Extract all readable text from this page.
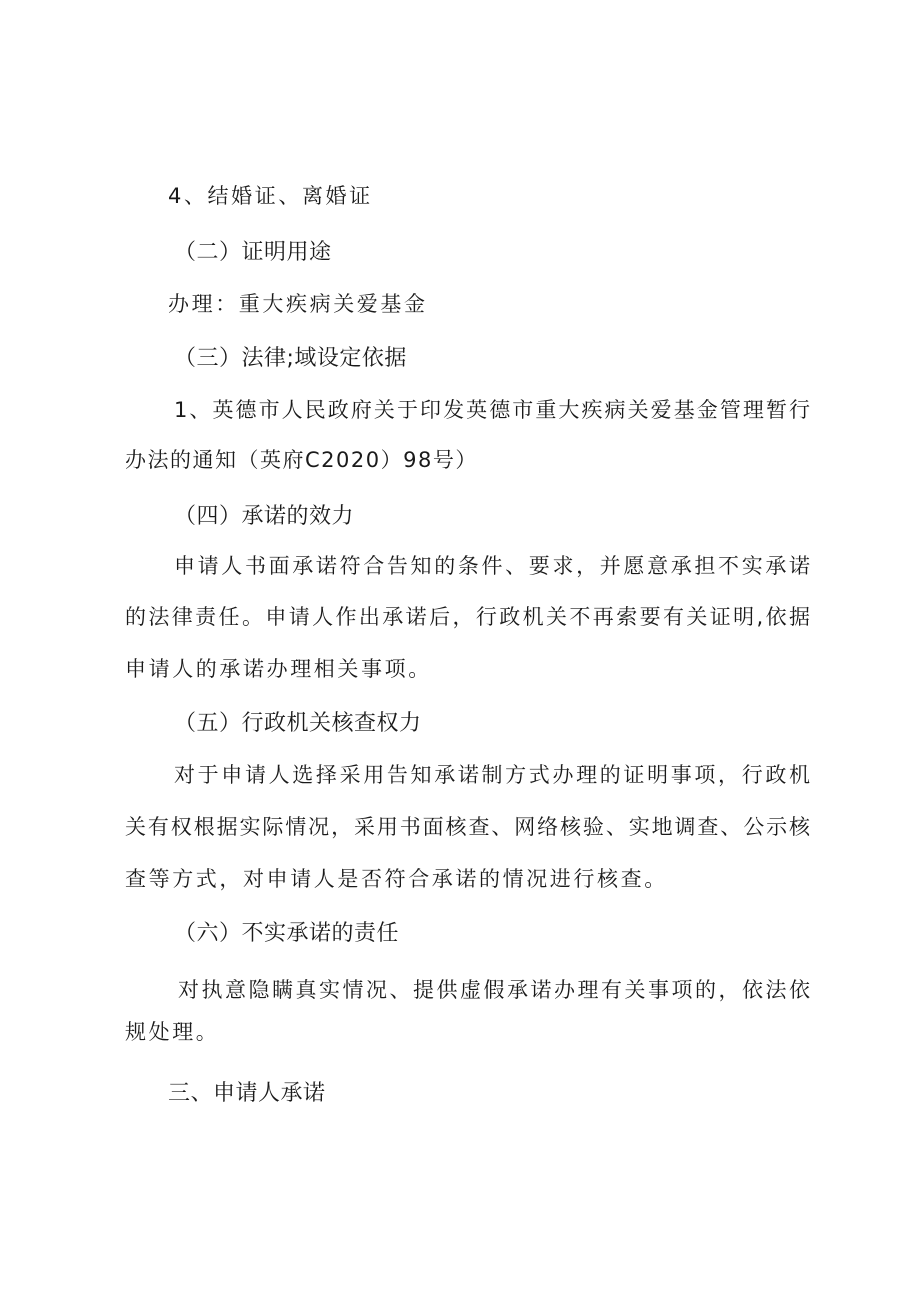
4、结婚证、离婚证
（二）证明用途
办理：重大疾病关爱基金
（三）法律;域设定依据
1、英德市人民政府关于印发英德市重大疾病关爱基金管理暂行
办法的通知（英府C2020）98号）
（四）承诺的效力
申请人书面承诺符合告知的条件、要求，并愿意承担不实承诺
的法律责任。申请人作出承诺后，行政机关不再索要有关证明,依据
申请人的承诺办理相关事项。
（五）行政机关核查权力
对于申请人选择采用告知承诺制方式办理的证明事项，行政机
关有权根据实际情况，采用书面核查、网络核验、实地调查、公示核
查等方式，对申请人是否符合承诺的情况进行核查。
（六）不实承诺的责任
对执意隐瞒真实情况、提供虚假承诺办理有关事项的，依法依
规处理。
三、申请人承诺
